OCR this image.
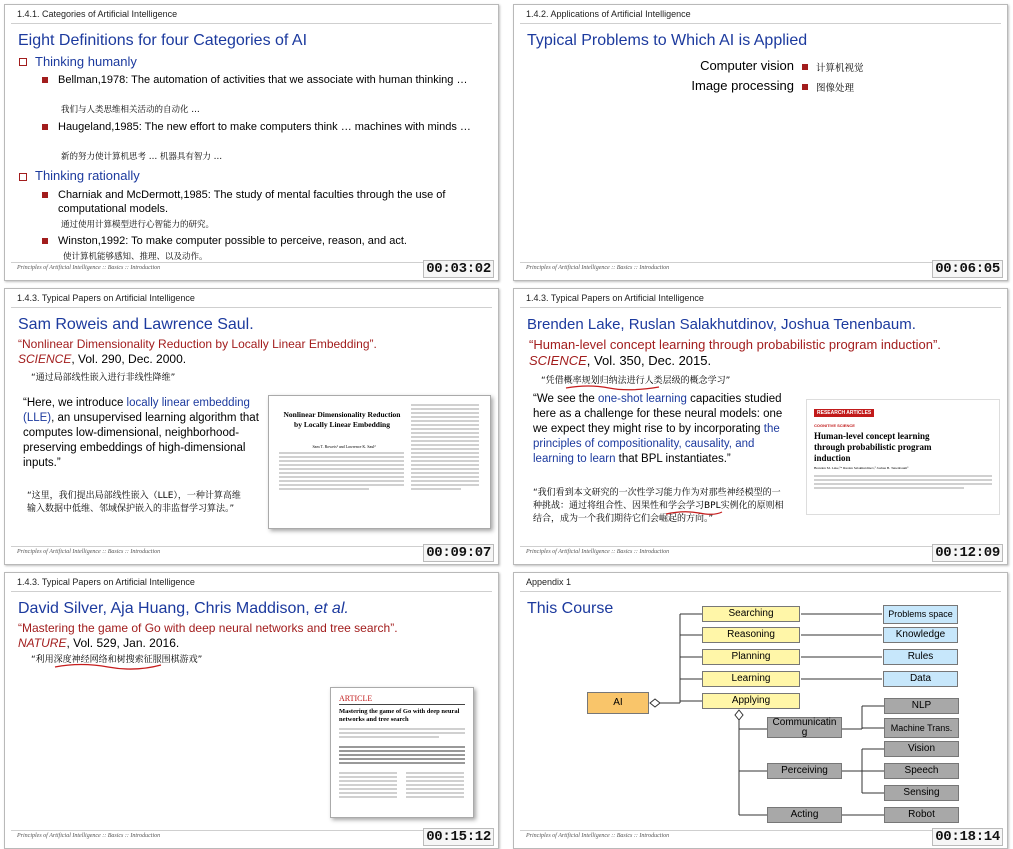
1.4.1. Categories of Artificial Intelligence
Eight Definitions for four Categories of AI
Thinking humanly
Bellman,1978: The automation of activities that we associate with human thinking …
我们与人类思维相关活动的自动化 …
Haugeland,1985: The new effort to make computers think … machines with minds …
新的努力使计算机思考 … 机器具有智力 …
Thinking rationally
Charniak and McDermott,1985: The study of mental faculties through the use of computational models.
通过使用计算模型进行心智能力的研究。
Winston,1992: To make computer possible to perceive, reason, and act.
使计算机能够感知、推理、以及动作。
Principles of Artificial Intelligence :: Basics :: Introduction	00:03:02
1.4.2. Applications of Artificial Intelligence
Typical Problems to Which AI is Applied
Computer vision 计算机视觉
Image processing 图像处理
Principles of Artificial Intelligence :: Basics :: Introduction	00:06:05
1.4.3. Typical Papers on Artificial Intelligence
Sam Roweis and Lawrence Saul.
“Nonlinear Dimensionality Reduction by Locally Linear Embedding”.
SCIENCE, Vol. 290, Dec. 2000.
“通过局部线性嵌入进行非线性降维”
“Here, we introduce locally linear embedding (LLE), an unsupervised learning algorithm that computes low-dimensional, neighborhood-preserving embeddings of high-dimensional inputs.”
“这里，我们提出局部线性嵌入（LLE），一种计算高维输入数据中低维、邻域保护嵌入的非监督学习算法。”
Nonlinear Dimensionality Reduction by Locally Linear Embedding
Sam T. Roweis¹ and Lawrence K. Saul²
Principles of Artificial Intelligence :: Basics :: Introduction	00:09:07
1.4.3. Typical Papers on Artificial Intelligence
Brenden Lake, Ruslan Salakhutdinov, Joshua Tenenbaum.
“Human-level concept learning through probabilistic program induction”.
SCIENCE, Vol. 350, Dec. 2015.
“凭借概率规划归纳法进行人类层级的概念学习”
“We see the one-shot learning capacities studied here as a challenge for these neural models: one we expect they might rise to by incorporating the principles of compositionality, causality, and learning to learn that BPL instantiates.”
“我们看到本文研究的一次性学习能力作为对那些神经模型的一种挑战：通过将组合性、因果性和学会学习BPL实例化的原则相结合，成为一个我们期待它们会崛起的方向。”
RESEARCH ARTICLES
COGNITIVE SCIENCE
Human-level concept learning through probabilistic program induction
Brenden M. Lake,¹* Ruslan Salakhutdinov,² Joshua B. Tenenbaum³
Principles of Artificial Intelligence :: Basics :: Introduction	00:12:09
1.4.3. Typical Papers on Artificial Intelligence
David Silver, Aja Huang, Chris Maddison, et al.
“Mastering the game of Go with deep neural networks and tree search”.
NATURE, Vol. 529, Jan. 2016.
“利用深度神经网络和树搜索征服围棋游戏”
ARTICLE
Mastering the game of Go with deep neural networks and tree search
Principles of Artificial Intelligence :: Basics :: Introduction	00:15:12
Appendix 1
This Course
AI
Searching
Reasoning
Planning
Learning
Applying
Problems space
Knowledge
Rules
Data
Communicating
Perceiving
Acting
NLP
Machine Trans.
Vision
Speech
Sensing
Robot
Principles of Artificial Intelligence :: Basics :: Introduction	00:18:14
